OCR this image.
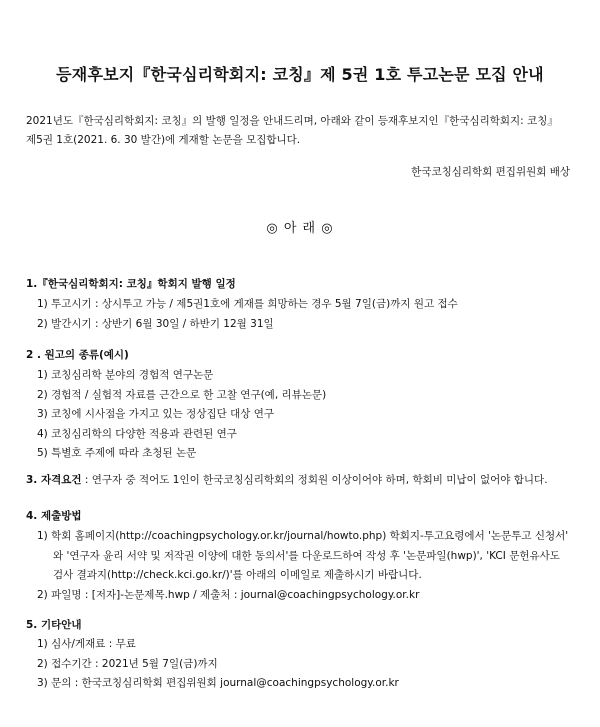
등재후보지『한국심리학회지: 코칭』제 5권 1호 투고논문 모집 안내
2021년도『한국심리학회지: 코칭』의 발행 일정을 안내드리며, 아래와 같이 등재후보지인『한국심리학회지: 코칭』
제5권 1호(2021. 6. 30 발간)에 게재할 논문을 모집합니다.
한국코칭심리학회 편집위원회 배상
◎ 아 래 ◎
1.『한국심리학회지: 코칭』학회지 발행 일정
1) 투고시기 : 상시투고 가능 / 제5권1호에 게재를 희망하는 경우 5월 7일(금)까지 원고 접수
2) 발간시기 : 상반기 6월 30일 / 하반기 12월 31일
2 . 원고의 종류(예시)
1) 코칭심리학 분야의 경험적 연구논문
2) 경험적 / 실험적 자료를 근간으로 한 고찰 연구(예, 리뷰논문)
3) 코칭에 시사점을 가지고 있는 정상집단 대상 연구
4) 코칭심리학의 다양한 적용과 관련된 연구
5) 특별호 주제에 따라 초청된 논문
3. 자격요건 : 연구자 중 적어도 1인이 한국코칭심리학회의 정회원 이상이어야 하며, 학회비 미납이 없어야 합니다.
4. 제출방법
1) 학회 홈페이지(http://coachingpsychology.or.kr/journal/howto.php) 학회지-투고요령에서 '논문투고 신청서'
와 '연구자 윤리 서약 및 저작권 이양에 대한 동의서'를 다운로드하여 작성 후 '논문파일(hwp)', 'KCI 문헌유사도
검사 결과지(http://check.kci.go.kr/)'를 아래의 이메일로 제출하시기 바랍니다.
2) 파일명 : [저자]-논문제목.hwp / 제출처 : journal@coachingpsychology.or.kr
5. 기타안내
1) 심사/게재료 : 무료
2) 접수기간 : 2021년 5월 7일(금)까지
3) 문의 : 한국코칭심리학회 편집위원회 journal@coachingpsychology.or.kr
